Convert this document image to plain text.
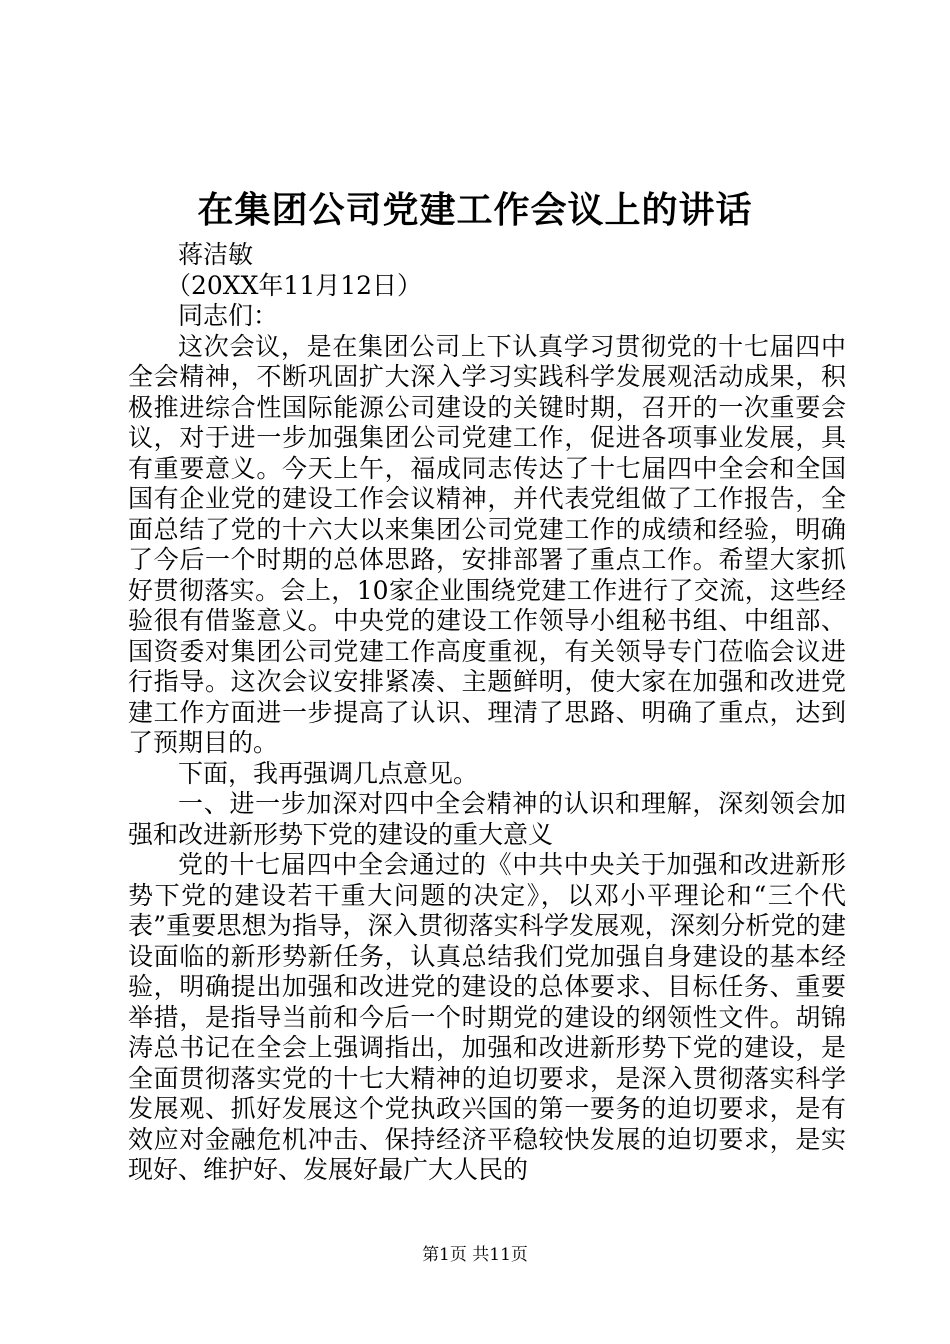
在集团公司党建工作会议上的讲话

蒋洁敏

（20XX年11月12日）

同志们：

这次会议，是在集团公司上下认真学习贯彻党的十七届四中全会精神，不断巩固扩大深入学习实践科学发展观活动成果，积极推进综合性国际能源公司建设的关键时期，召开的一次重要会议，对于进一步加强集团公司党建工作，促进各项事业发展，具有重要意义。今天上午，福成同志传达了十七届四中全会和全国国有企业党的建设工作会议精神，并代表党组做了工作报告，全面总结了党的十六大以来集团公司党建工作的成绩和经验，明确了今后一个时期的总体思路，安排部署了重点工作。希望大家抓好贯彻落实。会上，10家企业围绕党建工作进行了交流，这些经验很有借鉴意义。中央党的建设工作领导小组秘书组、中组部、国资委对集团公司党建工作高度重视，有关领导专门莅临会议进行指导。这次会议安排紧凑、主题鲜明，使大家在加强和改进党建工作方面进一步提高了认识、理清了思路、明确了重点，达到了预期目的。

下面，我再强调几点意见。

一、进一步加深对四中全会精神的认识和理解，深刻领会加强和改进新形势下党的建设的重大意义

党的十七届四中全会通过的《中共中央关于加强和改进新形势下党的建设若干重大问题的决定》，以邓小平理论和“三个代表”重要思想为指导，深入贯彻落实科学发展观，深刻分析党的建设面临的新形势新任务，认真总结我们党加强自身建设的基本经验，明确提出加强和改进党的建设的总体要求、目标任务、重要举措，是指导当前和今后一个时期党的建设的纲领性文件。胡锦涛总书记在全会上强调指出，加强和改进新形势下党的建设，是全面贯彻落实党的十七大精神的迫切要求，是深入贯彻落实科学发展观、抓好发展这个党执政兴国的第一要务的迫切要求，是有效应对金融危机冲击、保持经济平稳较快发展的迫切要求，是实现好、维护好、发展好最广大人民的

第1页 共11页
